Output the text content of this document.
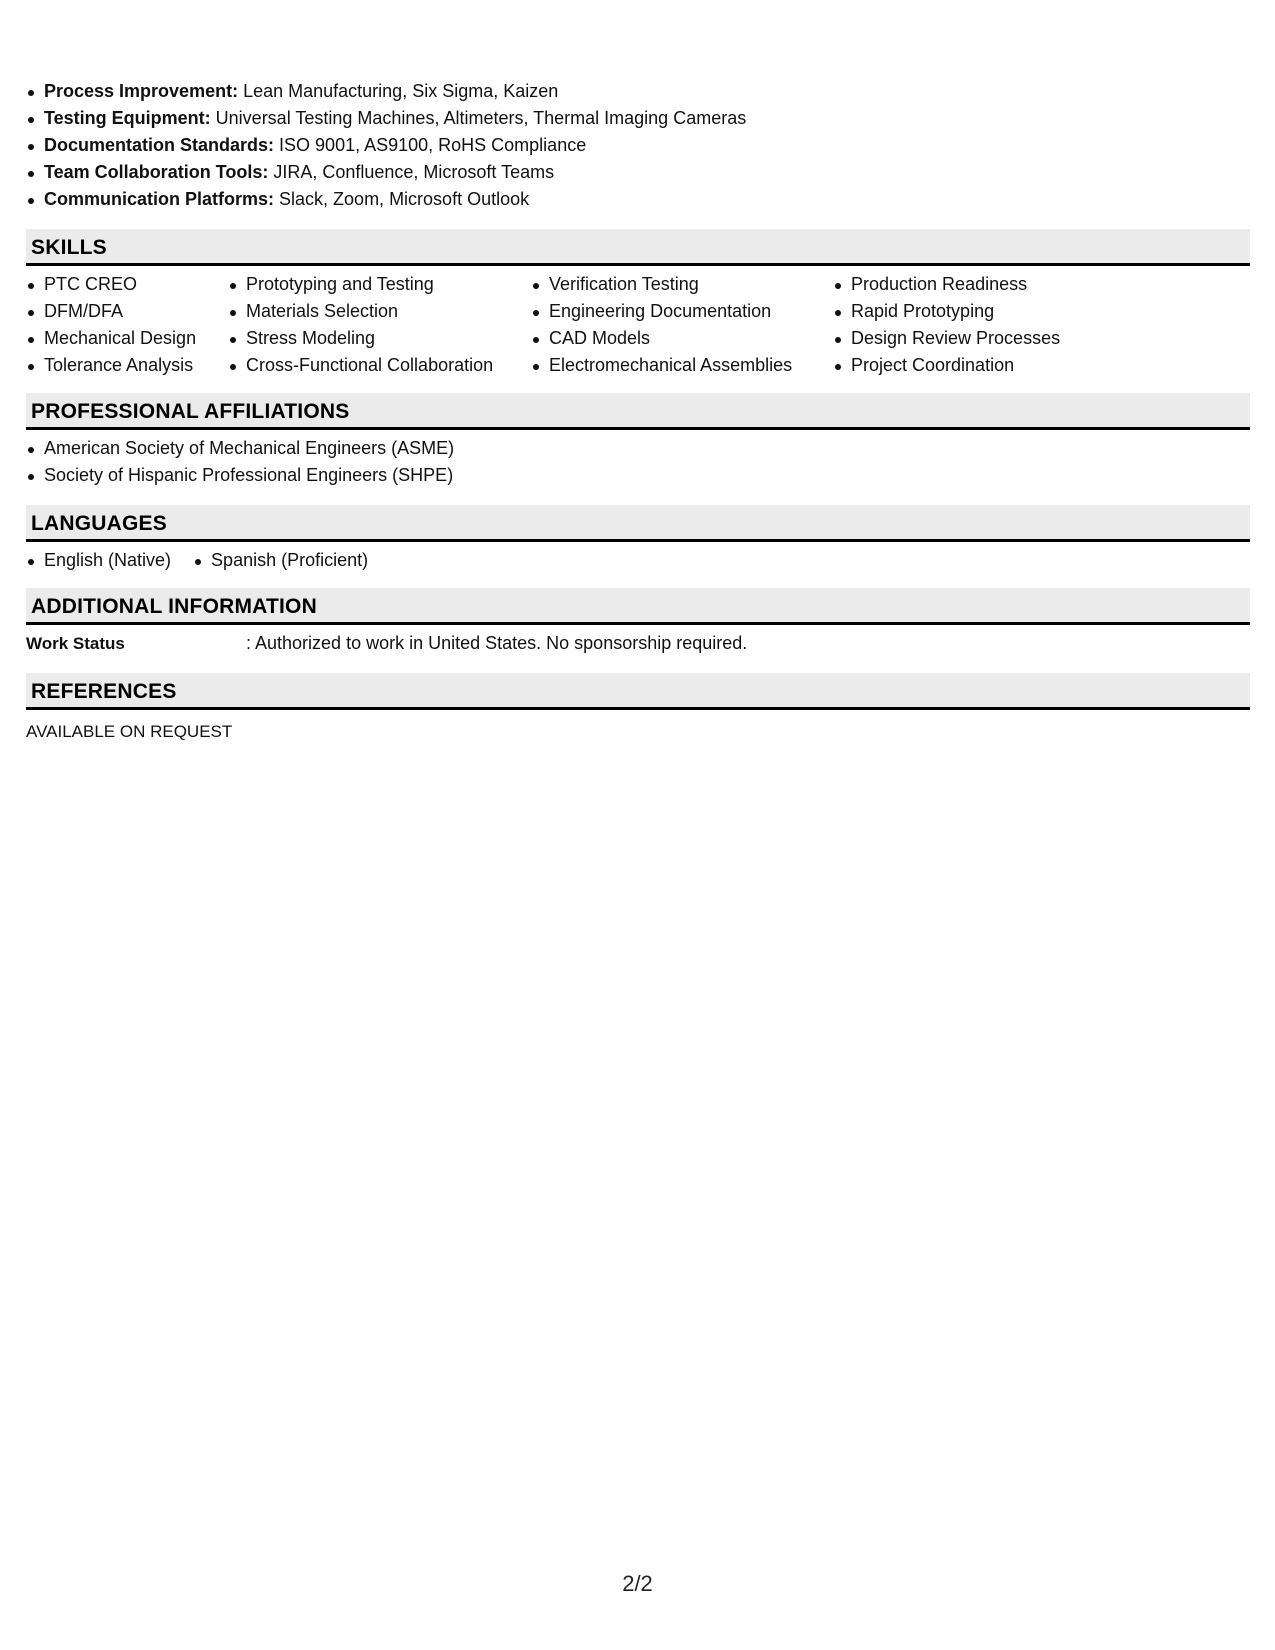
Process Improvement: Lean Manufacturing, Six Sigma, Kaizen
Testing Equipment: Universal Testing Machines, Altimeters, Thermal Imaging Cameras
Documentation Standards: ISO 9001, AS9100, RoHS Compliance
Team Collaboration Tools: JIRA, Confluence, Microsoft Teams
Communication Platforms: Slack, Zoom, Microsoft Outlook
SKILLS
PTC CREO
DFM/DFA
Mechanical Design
Tolerance Analysis
Prototyping and Testing
Materials Selection
Stress Modeling
Cross-Functional Collaboration
Verification Testing
Engineering Documentation
CAD Models
Electromechanical Assemblies
Production Readiness
Rapid Prototyping
Design Review Processes
Project Coordination
PROFESSIONAL AFFILIATIONS
American Society of Mechanical Engineers (ASME)
Society of Hispanic Professional Engineers (SHPE)
LANGUAGES
English (Native)	Spanish (Proficient)
ADDITIONAL INFORMATION
Work Status	: Authorized to work in United States. No sponsorship required.
REFERENCES
AVAILABLE ON REQUEST
2/2
